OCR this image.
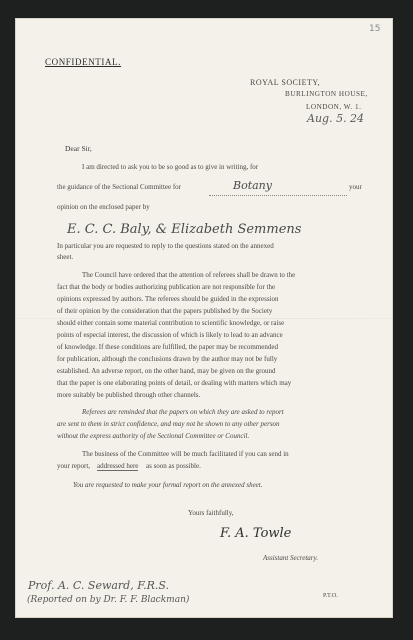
15
CONFIDENTIAL.
ROYAL SOCIETY,
BURLINGTON HOUSE,
LONDON, W. 1.
Aug. 5. 24
Dear Sir,
I am directed to ask you to be so good as to give in writing, for
the guidance of the Sectional Committee for	Botany	your
opinion on the enclosed paper by
E. C. C. Baly, & Elizabeth Semmens
In particular you are requested to reply to the questions stated on the annexed
sheet.
The Council have ordered that the attention of referees shall be drawn to the
fact that the body or bodies authorizing publication are not responsible for the
opinions expressed by authors. The referees should be guided in the expression
of their opinion by the consideration that the papers published by the Society
should either contain some material contribution to scientific knowledge, or raise
points of especial interest, the discussion of which is likely to lead to an advance
of knowledge. If these conditions are fulfilled, the paper may be recommended
for publication, although the conclusions drawn by the author may not be fully
established. An adverse report, on the other hand, may be given on the ground
that the paper is one elaborating points of detail, or dealing with matters which may
more suitably be published through other channels.
Referees are reminded that the papers on which they are asked to report
are sent to them in strict confidence, and may not be shown to any other person
without the express authority of the Sectional Committee or Council.
The business of the Committee will be much facilitated if you can send in
your report, addressed here as soon as possible.
You are requested to make your formal report on the annexed sheet.
Yours faithfully,
F. A. Towle
Assistant Secretary.
Prof. A. C. Seward, F.R.S.
(Reported on by Dr. F. F. Blackman)	P.T.O.
